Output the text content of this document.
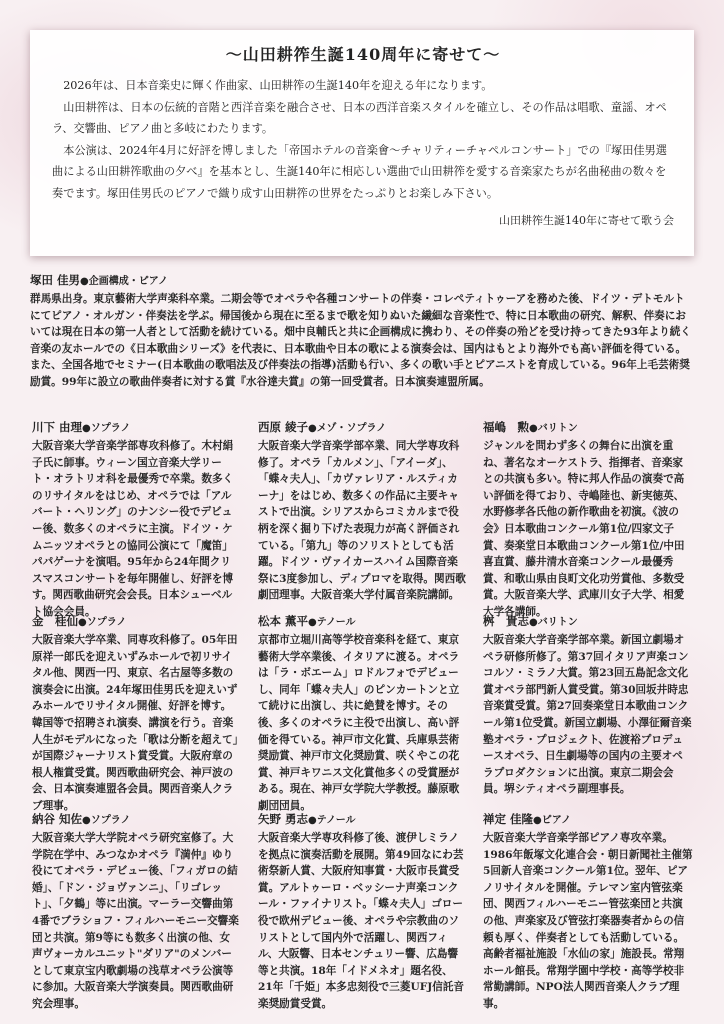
〜山田耕筰生誕140周年に寄せて〜

2026年は、日本音楽史に輝く作曲家、山田耕筰の生誕140年を迎える年になります。

山田耕筰は、日本の伝統的音階と西洋音楽を融合させ、日本の西洋音楽スタイルを確立し、その作品は唱歌、童謡、オペラ、交響曲、ピアノ曲と多岐にわたります。

本公演は、2024年4月に好評を博しました「帝国ホテルの音楽會〜チャリティーチャペルコンサート」での『塚田佳男選曲による山田耕筰歌曲の夕べ』を基本とし、生誕140年に相応しい選曲で山田耕筰を愛する音楽家たちが名曲秘曲の数々を奏でます。塚田佳男氏のピアノで織り成す山田耕筰の世界をたっぷりとお楽しみ下さい。

山田耕筰生誕140年に寄せて歌う会
塚田 佳男●企画構成・ピアノ
群馬県出身。東京藝術大学声楽科卒業。二期会等でオペラや各種コンサートの伴奏・コレペティトゥーアを務めた後、ドイツ・デトモルトにてピアノ・オルガン・伴奏法を学ぶ。帰国後から現在に至るまで歌を知りぬいた繊細な音楽性で、特に日本歌曲の研究、解釈、伴奏においては現在日本の第一人者として活動を続けている。畑中良輔氏と共に企画構成に携わり、その伴奏の殆どを受け持ってきた93年より続く音楽の友ホールでの《日本歌曲シリーズ》を代表に、日本歌曲や日本の歌による演奏会は、国内はもとより海外でも高い評価を得ている。また、全国各地でセミナー(日本歌曲の歌唱法及び伴奏法の指導)活動も行い、多くの歌い手とピアニストを育成している。96年上毛芸術奨励賞。99年に設立の歌曲伴奏者に対する賞『水谷達夫賞』の第一回受賞者。日本演奏連盟所属。
川下 由理●ソプラノ
大阪音楽大学音楽学部専攻科修了。木村絹子氏に師事。ウィーン国立音楽大学リート・オラトリオ科を最優秀で卒業。数多くのリサイタルをはじめ、オペラでは「アルバート・ヘリング」のナンシー役でデビュー後、数多くのオペラに主演。ドイツ・ケムニッツオペラとの協同公演にて「魔笛」パパゲーナを演唱。95年から24年間クリスマスコンサートを毎年開催し、好評を博す。関西歌曲研究会会長。日本シューベルト協会会員。
西原 綾子●メゾ・ソプラノ
大阪音楽大学音楽学部卒業、同大学専攻科修了。オペラ「カルメン」、「アイーダ」、「蝶々夫人」、「カヴァレリア・ルスティカーナ」をはじめ、数多くの作品に主要キャストで出演。シリアスからコミカルまで役柄を深く掘り下げた表現力が高く評価されている。「第九」等のソリストとしても活躍。ドイツ・ヴァイカースハイム国際音楽祭に3度参加し、ディプロマを取得。関西歌劇団理事。大阪音楽大学付属音楽院講師。
福嶋　勲●バリトン
ジャンルを問わず多くの舞台に出演を重ね、著名なオーケストラ、指揮者、音楽家との共演も多い。特に邦人作品の演奏で高い評価を得ており、寺嶋陸也、新実徳英、水野修孝各氏他の新作歌曲を初演。《波の会》日本歌曲コンクール第1位/四家文子賞、奏楽堂日本歌曲コンクール第1位/中田喜直賞、藤井清水音楽コンクール最優秀賞、和歌山県由良町文化功労賞他、多数受賞。大阪音楽大学、武庫川女子大学、相愛大学各講師。
金　桂仙●ソプラノ
大阪音楽大学卒業、同専攻科修了。05年田原祥一郎氏を迎えいずみホールで初リサイタル他、関西一円、東京、名古屋等多数の演奏会に出演。24年塚田佳男氏を迎えいずみホールでリサイタル開催、好評を博す。韓国等で招聘され演奏、講演を行う。音楽人生がモデルになった「歌は分断を超えて」が国際ジャーナリスト賞受賞。大阪府章の根人権賞受賞。関西歌曲研究会、神戸波の会、日本演奏連盟各会員。関西音楽人クラブ理事。
松本 薫平●テノール
京都市立堀川高等学校音楽科を経て、東京藝術大学卒業後、イタリアに渡る。オペラは「ラ・ボエーム」ロドルフォでデビューし、同年「蝶々夫人」のピンカートンと立て続けに出演し、共に絶賛を博す。その後、多くのオペラに主役で出演し、高い評価を得ている。神戸市文化賞、兵庫県芸術奨励賞、神戸市文化奨励賞、咲くやこの花賞、神戸キワニス文化賞他多くの受賞歴がある。現在、神戸女学院大学教授。藤原歌劇団団員。
桝　貴志●バリトン
大阪音楽大学音楽学部卒業。新国立劇場オペラ研修所修了。第37回イタリア声楽コンコルソ・ミラノ大賞。第23回五島記念文化賞オペラ部門新人賞受賞。第30回坂井時忠音楽賞受賞。第27回奏楽堂日本歌曲コンクール第1位受賞。新国立劇場、小澤征爾音楽塾オペラ・プロジェクト、佐渡裕プロデュースオペラ、日生劇場等の国内の主要オペラプロダクションに出演。東京二期会会員。堺シティオペラ副理事長。
納谷 知佐●ソプラノ
大阪音楽大学大学院オペラ研究室修了。大学院在学中、みつなかオペラ『満仲』ゆり役にてオペラ・デビュー後、「フィガロの結婚」、「ドン・ジョヴァンニ」、「リゴレット」、「夕鶴」等に出演。マーラー交響曲第4番でブラショフ・フィルハーモニー交響楽団と共演。第9等にも数多く出演の他、女声ヴォーカルユニット"ダリア"のメンバーとして東京宝内歌劇場の浅草オペラ公演等に参加。大阪音楽大学演奏員。関西歌曲研究会理事。
矢野 勇志●テノール
大阪音楽大学専攻科修了後、渡伊しミラノを拠点に演奏活動を展開。第49回なにわ芸術祭新人賞、大阪府知事賞・大阪市長賞受賞。アルトゥーロ・ベッシーナ声楽コンクール・ファイナリスト。「蝶々夫人」ゴロー役で欧州デビュー後、オペラや宗教曲のソリストとして国内外で活躍し、関西フィル、大阪響、日本センチュリー響、広島響等と共演。18年「イドメネオ」題名役、21年「千姫」本多忠刻役で三菱UFJ信託音楽奨励賞受賞。
禅定 佳隆●ピアノ
大阪音楽大学音楽学部ピアノ専攻卒業。1986年飯塚文化連合会・朝日新聞社主催第5回新人音楽コンクール第1位。翌年、ピアノリサイタルを開催。テレマン室内管弦楽団、関西フィルハーモニー管弦楽団と共演の他、声楽家及び管弦打楽器奏者からの信頼も厚く、伴奏者としても活動している。高齢者福祉施設「水仙の家」施設長。常翔ホール館長。常翔学園中学校・高等学校非常勤講師。NPO法人関西音楽人クラブ理事。
